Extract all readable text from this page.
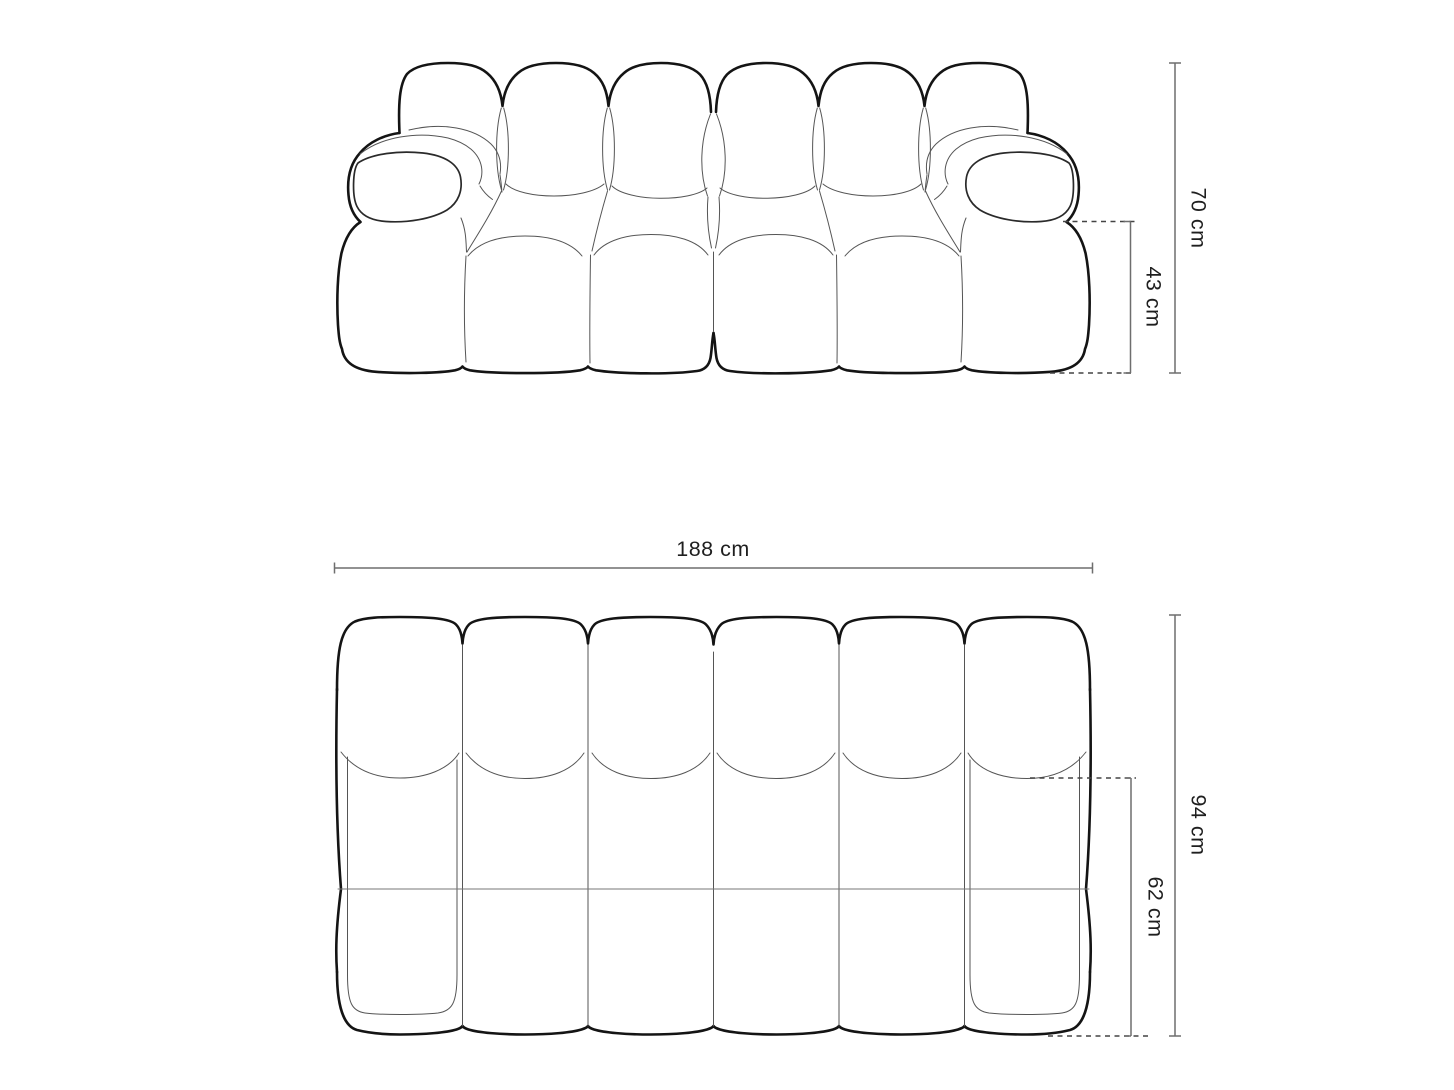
188 cm
70 cm
43 cm
94 cm
62 cm
